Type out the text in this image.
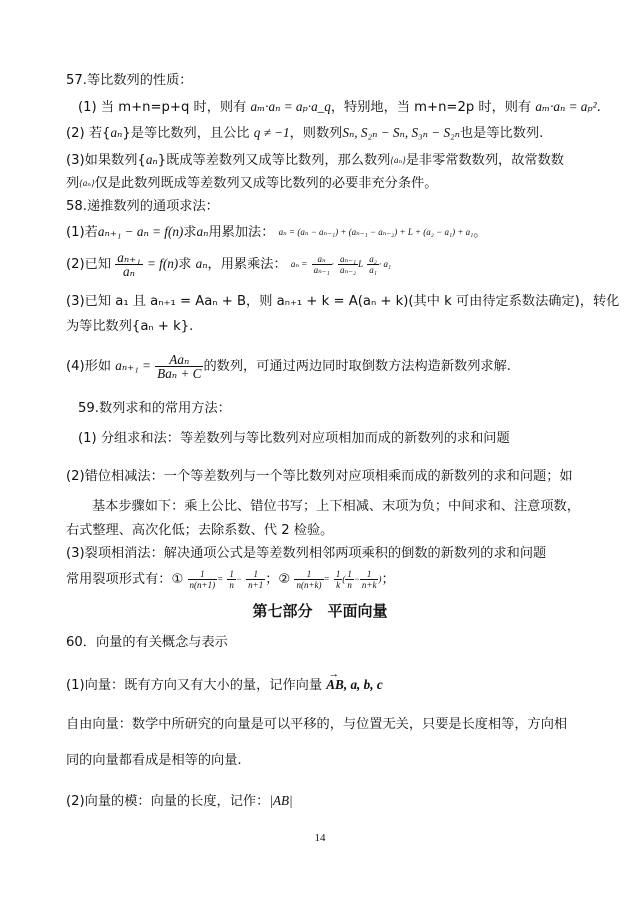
57.等比数列的性质：
(1) 当 m+n=p+q 时，则有 aₘ·aₙ = aₚ·a_q，特别地，当 m+n=2p 时，则有 aₘ·aₙ = aₚ².
(2) 若{aₙ}是等比数列，且公比 q ≠ −1，则数列Sₙ, S₂ₙ − Sₙ, S₃ₙ − S₂ₙ也是等比数列.
(3)如果数列{aₙ}既成等差数列又成等比数列，那么数列{aₙ}是非零常数数列，故常数数
列{aₙ}仅是此数列既成等差数列又成等比数列的必要非充分条件。
58.递推数列的通项求法：
(1)若aₙ₊₁ − aₙ = f(n)求aₙ用累加法： aₙ = (aₙ − aₙ₋₁) + (aₙ₋₁ − aₙ₋₂) + L + (a₂ − a₁) + a₁。
(2)已知 $\frac{\text{aₙ₊₁}}{\text{aₙ}} = f(n)$求 aₙ，用累乘法： $a_n = \frac{\text{aₙ}}{\text{aₙ₋₁}} \cdot \frac{\text{aₙ₋₁}}{\text{aₙ₋₂}}$ L $\frac{\text{a₂}}{\text{a₁}} \cdot a_1$
(3)已知 a₁ 且 aₙ₊₁ = Aaₙ + B，则 aₙ₊₁ + k = A(aₙ + k)(其中 k 可由待定系数法确定)，转化
为等比数列{aₙ + k}.
(4)形如 $a_{n+1} = \frac{\text{Aaₙ}}{\text{Baₙ + C}}$ 的数列，可通过两边同时取倒数方法构造新数列求解.
59.数列求和的常用方法：
(1) 分组求和法：等差数列与等比数列对应项相加而成的新数列的求和问题
(2)错位相减法：一个等差数列与一个等比数列对应项相乘而成的新数列的求和问题；如
基本步骤如下：乘上公比、错位书写；上下相减、末项为负；中间求和、注意项数，
右式整理、高次化低；去除系数、代 2 检验。
(3)裂项相消法：解决通项公式是等差数列相邻两项乘积的倒数的新数列的求和问题
常用裂项形式有：① $\frac{1}{n(n+1)} = \frac{1}{n} - \frac{1}{n+1}$ ；② $\frac{1}{n(n+k)} = \frac{1}{k}$ ( $\frac{1}{n} - \frac{1}{n+k}$ )；
第七部分　平面向量
60．向量的有关概念与表示
(1)向量：既有方向又有大小的量，记作向量 → AB, a, b, c
自由向量：数学中所研究的向量是可以平移的，与位置无关，只要是长度相等，方向相
同的向量都看成是相等的向量.
(2)向量的模：向量的长度，记作：|AB|
14
